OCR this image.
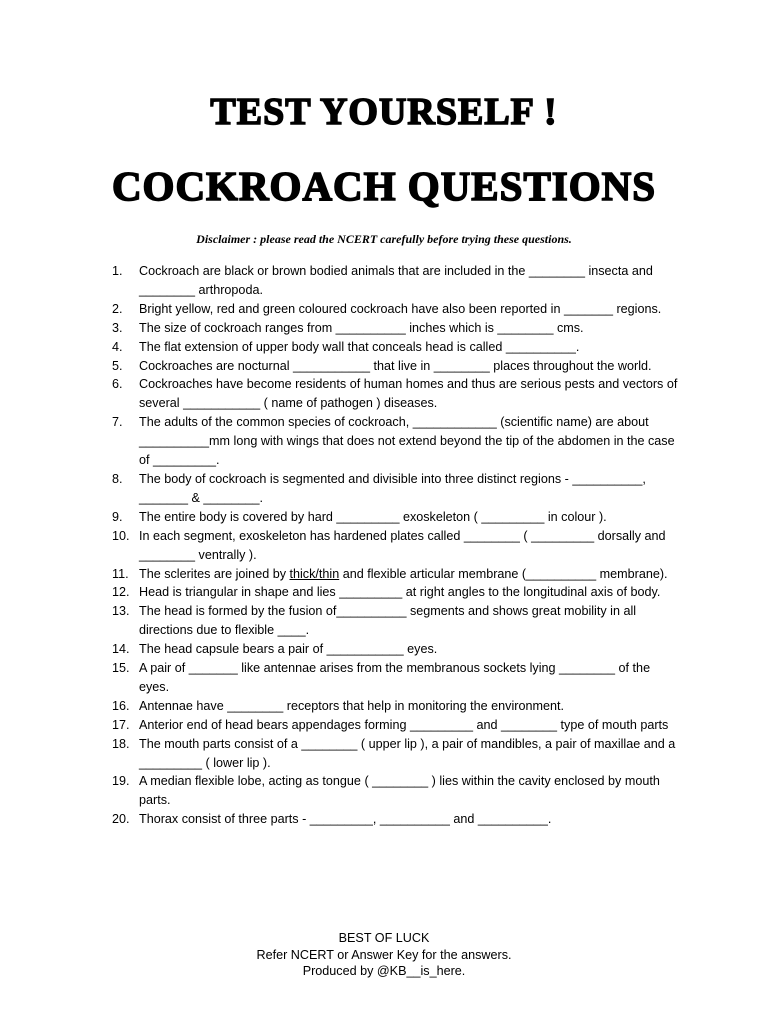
TEST YOURSELF !
COCKROACH QUESTIONS
Disclaimer : please read the NCERT carefully before trying these questions.
1.	Cockroach are black or brown bodied animals that are included in the ________ insecta and ________ arthropoda.
2.	Bright yellow, red and green coloured cockroach have also been reported in _______ regions.
3.	The size of cockroach ranges from __________ inches which is ________ cms.
4.	The flat extension of upper body wall that conceals head is called __________.
5.	Cockroaches are nocturnal ___________ that live in ________ places throughout the world.
6.	Cockroaches have become residents of human homes and thus are serious pests and vectors of several ___________ ( name of pathogen ) diseases.
7.	The adults of the common species of cockroach, ____________ (scientific name) are about __________mm long with wings that does not extend beyond the tip of the abdomen in the case of _________.
8.	The body of cockroach is segmented and divisible into three distinct regions - __________, _______ & ________.
9.	The entire body is covered by hard _________ exoskeleton ( _________ in colour ).
10. In each segment, exoskeleton has hardened plates called ________ ( _________ dorsally and ________ ventrally ).
11. The sclerites are joined by thick/thin and flexible articular membrane (__________ membrane).
12. Head is triangular in shape and lies _________ at right angles to the longitudinal axis of body.
13. The head is formed by the fusion of__________ segments and shows great mobility in all directions due to flexible ____.
14. The head capsule bears a pair of ___________ eyes.
15. A pair of _______ like antennae arises from the membranous sockets lying ________ of the eyes.
16. Antennae have ________ receptors that help in monitoring the environment.
17. Anterior end of head bears appendages forming _________ and ________ type of mouth parts
18. The mouth parts consist of a ________ ( upper lip ), a pair of mandibles, a pair of maxillae and a _________ ( lower lip ).
19. A median flexible lobe, acting as tongue ( ________ ) lies within the cavity enclosed by mouth parts.
20. Thorax consist of three parts - _________, __________ and __________.
BEST OF LUCK
Refer NCERT or Answer Key for the answers.
Produced by @KB__is_here.
